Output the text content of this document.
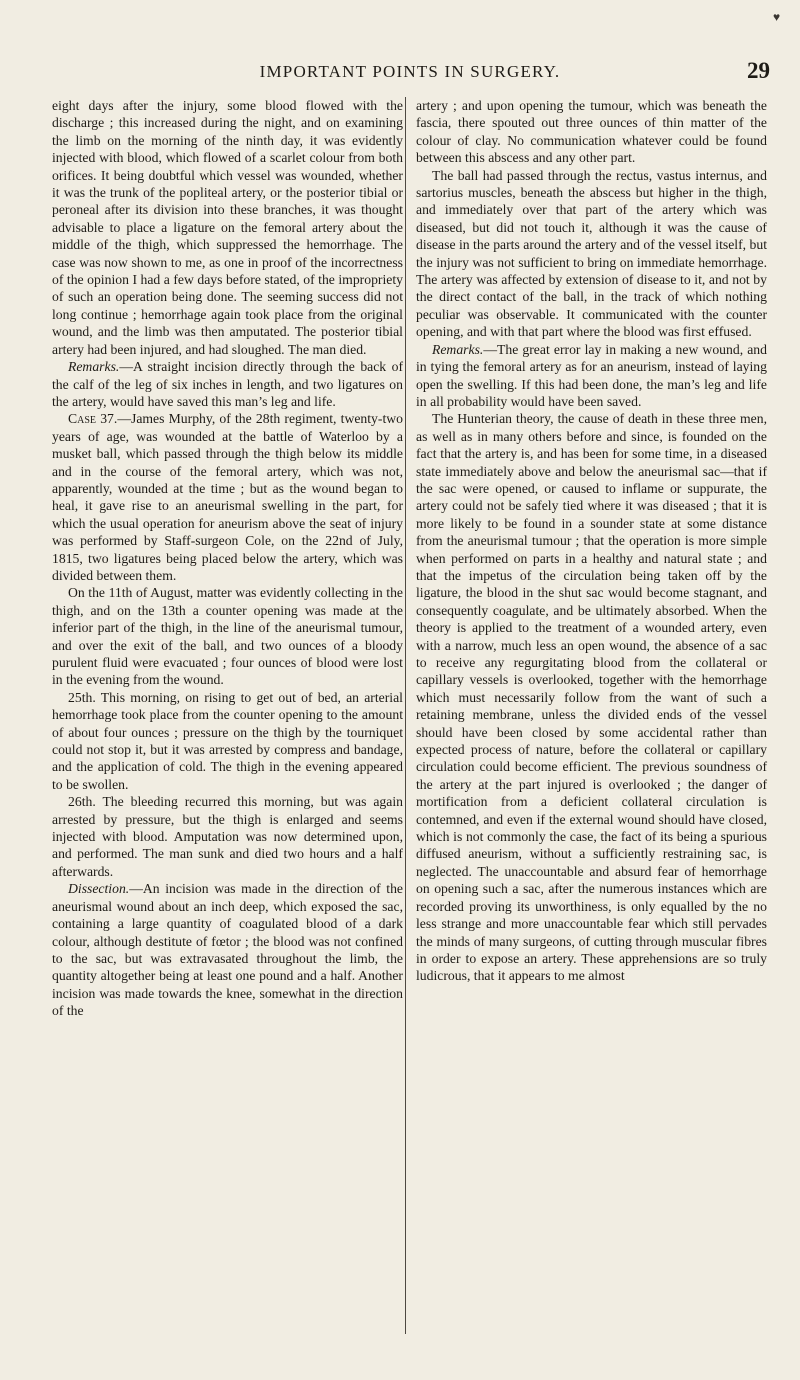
♥
IMPORTANT POINTS IN SURGERY.	29

eight days after the injury, some blood flowed with the discharge ; this increased during the night, and on examining the limb on the morning of the ninth day, it was evidently injected with blood, which flowed of a scarlet colour from both orifices. It being doubtful which vessel was wounded, whether it was the trunk of the popliteal artery, or the posterior tibial or peroneal after its division into these branches, it was thought advisable to place a ligature on the femoral artery about the middle of the thigh, which suppressed the hemorrhage. The case was now shown to me, as one in proof of the incorrectness of the opinion I had a few days before stated, of the impropriety of such an operation being done. The seeming success did not long continue ; hemorrhage again took place from the original wound, and the limb was then amputated. The posterior tibial artery had been injured, and had sloughed. The man died.

Remarks.—A straight incision directly through the back of the calf of the leg of six inches in length, and two ligatures on the artery, would have saved this man’s leg and life.

Case 37.—James Murphy, of the 28th regiment, twenty-two years of age, was wounded at the battle of Waterloo by a musket ball, which passed through the thigh below its middle and in the course of the femoral artery, which was not, apparently, wounded at the time ; but as the wound began to heal, it gave rise to an aneurismal swelling in the part, for which the usual operation for aneurism above the seat of injury was performed by Staff-surgeon Cole, on the 22nd of July, 1815, two ligatures being placed below the artery, which was divided between them.

On the 11th of August, matter was evidently collecting in the thigh, and on the 13th a counter opening was made at the inferior part of the thigh, in the line of the aneurismal tumour, and over the exit of the ball, and two ounces of a bloody purulent fluid were evacuated ; four ounces of blood were lost in the evening from the wound.

25th. This morning, on rising to get out of bed, an arterial hemorrhage took place from the counter opening to the amount of about four ounces ; pressure on the thigh by the tourniquet could not stop it, but it was arrested by compress and bandage, and the application of cold. The thigh in the evening appeared to be swollen.

26th. The bleeding recurred this morning, but was again arrested by pressure, but the thigh is enlarged and seems injected with blood. Amputation was now determined upon, and performed. The man sunk and died two hours and a half afterwards.

Dissection.—An incision was made in the direction of the aneurismal wound about an inch deep, which exposed the sac, containing a large quantity of coagulated blood of a dark colour, although destitute of fœtor ; the blood was not confined to the sac, but was extravasated throughout the limb, the quantity altogether being at least one pound and a half. Another incision was made towards the knee, somewhat in the direction of the

artery ; and upon opening the tumour, which was beneath the fascia, there spouted out three ounces of thin matter of the colour of clay. No communication whatever could be found between this abscess and any other part.

The ball had passed through the rectus, vastus internus, and sartorius muscles, beneath the abscess but higher in the thigh, and immediately over that part of the artery which was diseased, but did not touch it, although it was the cause of disease in the parts around the artery and of the vessel itself, but the injury was not sufficient to bring on immediate hemorrhage. The artery was affected by extension of disease to it, and not by the direct contact of the ball, in the track of which nothing peculiar was observable. It communicated with the counter opening, and with that part where the blood was first effused.

Remarks.—The great error lay in making a new wound, and in tying the femoral artery as for an aneurism, instead of laying open the swelling. If this had been done, the man’s leg and life in all probability would have been saved.

The Hunterian theory, the cause of death in these three men, as well as in many others before and since, is founded on the fact that the artery is, and has been for some time, in a diseased state immediately above and below the aneurismal sac—that if the sac were opened, or caused to inflame or suppurate, the artery could not be safely tied where it was diseased ; that it is more likely to be found in a sounder state at some distance from the aneurismal tumour ; that the operation is more simple when performed on parts in a healthy and natural state ; and that the impetus of the circulation being taken off by the ligature, the blood in the shut sac would become stagnant, and consequently coagulate, and be ultimately absorbed. When the theory is applied to the treatment of a wounded artery, even with a narrow, much less an open wound, the absence of a sac to receive any regurgitating blood from the collateral or capillary vessels is overlooked, together with the hemorrhage which must necessarily follow from the want of such a retaining membrane, unless the divided ends of the vessel should have been closed by some accidental rather than expected process of nature, before the collateral or capillary circulation could become efficient. The previous soundness of the artery at the part injured is overlooked ; the danger of mortification from a deficient collateral circulation is contemned, and even if the external wound should have closed, which is not commonly the case, the fact of its being a spurious diffused aneurism, without a sufficiently restraining sac, is neglected. The unaccountable and absurd fear of hemorrhage on opening such a sac, after the numerous instances which are recorded proving its unworthiness, is only equalled by the no less strange and more unaccountable fear which still pervades the minds of many surgeons, of cutting through muscular fibres in order to expose an artery. These apprehensions are so truly ludicrous, that it appears to me almost
